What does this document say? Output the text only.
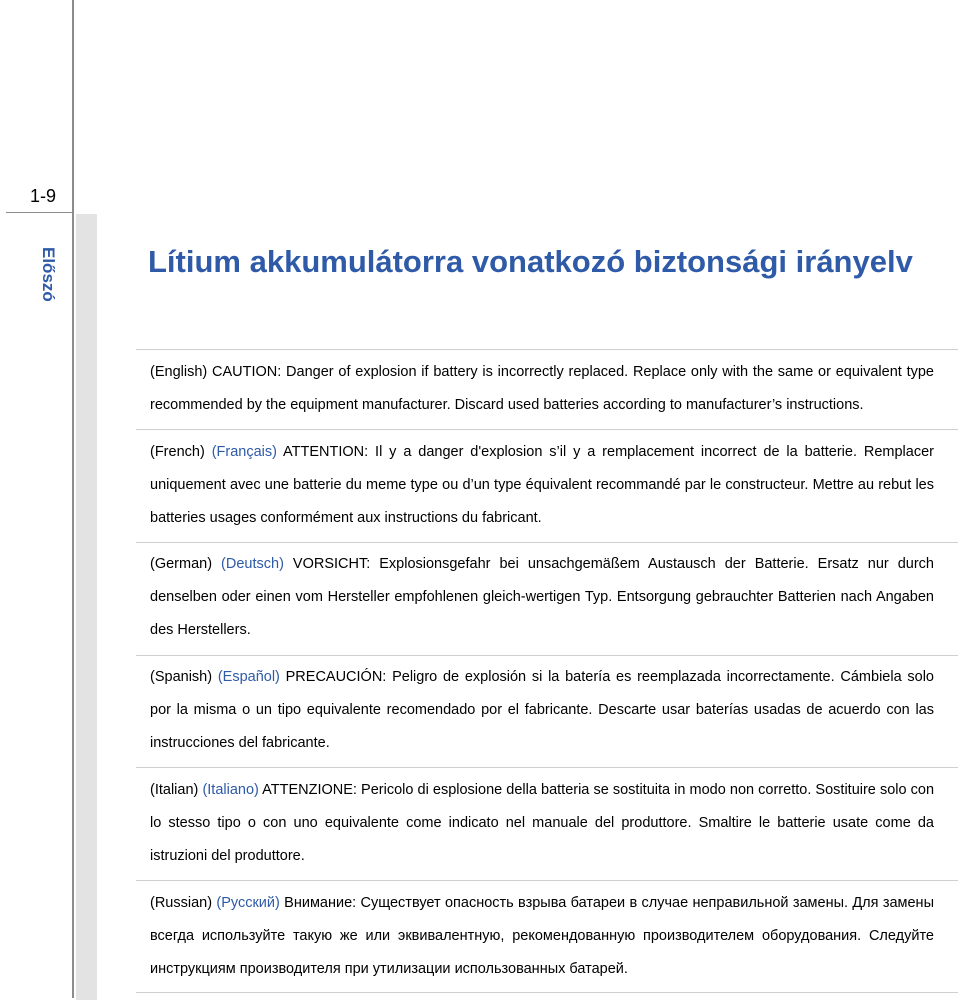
1-9
Előszó	Lítium akkumulátorra vonatkozó biztonsági irányelv

(English) CAUTION: Danger of explosion if battery is incorrectly replaced. Replace only with the same or equivalent type recommended by the equipment manufacturer. Discard used batteries according to manufacturer’s instructions.

(French) (Français) ATTENTION: Il y a danger d'explosion s’il y a remplacement incorrect de la batterie. Remplacer uniquement avec une batterie du meme type ou d’un type équivalent recommandé par le constructeur. Mettre au rebut les batteries usages conformément aux instructions du fabricant.

(German) (Deutsch) VORSICHT: Explosionsgefahr bei unsachgemäßem Austausch der Batterie. Ersatz nur durch denselben oder einen vom Hersteller empfohlenen gleich-wertigen Typ. Entsorgung gebrauchter Batterien nach Angaben des Herstellers.

(Spanish) (Español) PRECAUCIÓN: Peligro de explosión si la batería es reemplazada incorrectamente. Cámbiela solo por la misma o un tipo equivalente recomendado por el fabricante. Descarte usar baterías usadas de acuerdo con las instrucciones del fabricante.

(Italian) (Italiano) ATTENZIONE: Pericolo di esplosione della batteria se sostituita in modo non corretto. Sostituire solo con lo stesso tipo o con uno equivalente come indicato nel manuale del produttore. Smaltire le batterie usate come da istruzioni del produttore.

(Russian) (Русский) Внимание: Существует опасность взрыва батареи в случае неправильной замены. Для замены всегда используйте такую же или эквивалентную, рекомендованную производителем оборудования. Следуйте инструкциям производителя при утилизации использованных батарей.
